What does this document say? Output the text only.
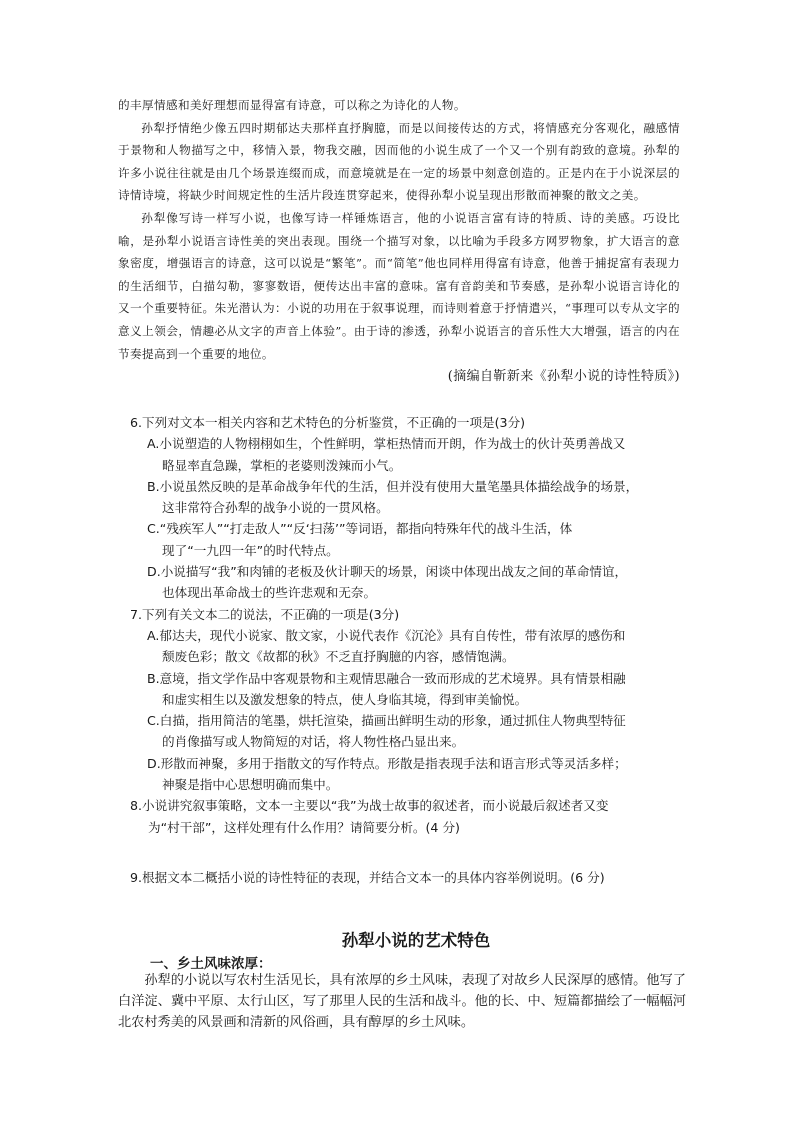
的丰厚情感和美好理想而显得富有诗意，可以称之为诗化的人物。

孙犁抒情绝少像五四时期郁达夫那样直抒胸臆，而是以间接传达的方式，将情感充分客观化，融感情于景物和人物描写之中，移情入景，物我交融，因而他的小说生成了一个又一个别有韵致的意境。孙犁的许多小说往往就是由几个场景连缀而成，而意境就是在一定的场景中刻意创造的。正是内在于小说深层的诗情诗境，将缺少时间规定性的生活片段连贯穿起来，使得孙犁小说呈现出形散而神聚的散文之美。

孙犁像写诗一样写小说，也像写诗一样锤炼语言，他的小说语言富有诗的特质、诗的美感。巧设比喻，是孙犁小说语言诗性美的突出表现。围绕一个描写对象，以比喻为手段多方网罗物象，扩大语言的意象密度，增强语言的诗意，这可以说是“繁笔”。而“简笔”他也同样用得富有诗意，他善于捕捉富有表现力的生活细节，白描勾勒，寥寥数语，便传达出丰富的意味。富有音韵美和节奏感，是孙犁小说语言诗化的又一个重要特征。朱光潜认为：小说的功用在于叙事说理，而诗则着意于抒情遣兴，“事理可以专从文字的意义上领会，情趣必从文字的声音上体验”。由于诗的渗透，孙犁小说语言的音乐性大大增强，语言的内在节奏提高到一个重要的地位。

(摘编自靳新来《孙犁小说的诗性特质》)
6.下列对文本一相关内容和艺术特色的分析鉴赏，不正确的一项是(3分)
A.小说塑造的人物栩栩如生，个性鲜明，掌柜热情而开朗，作为战士的伙计英勇善战又
略显率直急躁，掌柜的老婆则泼辣而小气。
B.小说虽然反映的是革命战争年代的生活，但并没有使用大量笔墨具体描绘战争的场景，
这非常符合孙犁的战争小说的一贯风格。
C.“残疾军人”“打走敌人”“反‘扫荡’”等词语，都指向特殊年代的战斗生活，体
现了“一九四一年”的时代特点。
D.小说描写“我”和肉铺的老板及伙计聊天的场景，闲谈中体现出战友之间的革命情谊，
也体现出革命战士的些许悲观和无奈。
7.下列有关文本二的说法，不正确的一项是(3分)
A.郁达夫，现代小说家、散文家，小说代表作《沉沦》具有自传性，带有浓厚的感伤和
颓废色彩；散文《故都的秋》不乏直抒胸臆的内容，感情饱满。
B.意境，指文学作品中客观景物和主观情思融合一致而形成的艺术境界。具有情景相融
和虚实相生以及激发想象的特点，使人身临其境，得到审美愉悦。
C.白描，指用简洁的笔墨，烘托渲染，描画出鲜明生动的形象，通过抓住人物典型特征
的肖像描写或人物简短的对话，将人物性格凸显出来。
D.形散而神聚，多用于指散文的写作特点。形散是指表现手法和语言形式等灵活多样；
神聚是指中心思想明确而集中。
8.小说讲究叙事策略，文本一主要以“我”为战士故事的叙述者，而小说最后叙述者又变
为“村干部”，这样处理有什么作用？请简要分析。(4 分)
9.根据文本二概括小说的诗性特征的表现，并结合文本一的具体内容举例说明。(6 分)
孙犁小说的艺术特色
一、乡土风味浓厚：

孙犁的小说以写农村生活见长，具有浓厚的乡土风味，表现了对故乡人民深厚的感情。他写了白洋淀、冀中平原、太行山区，写了那里人民的生活和战斗。他的长、中、短篇都描绘了一幅幅河北农村秀美的风景画和清新的风俗画，具有醇厚的乡土风味。
